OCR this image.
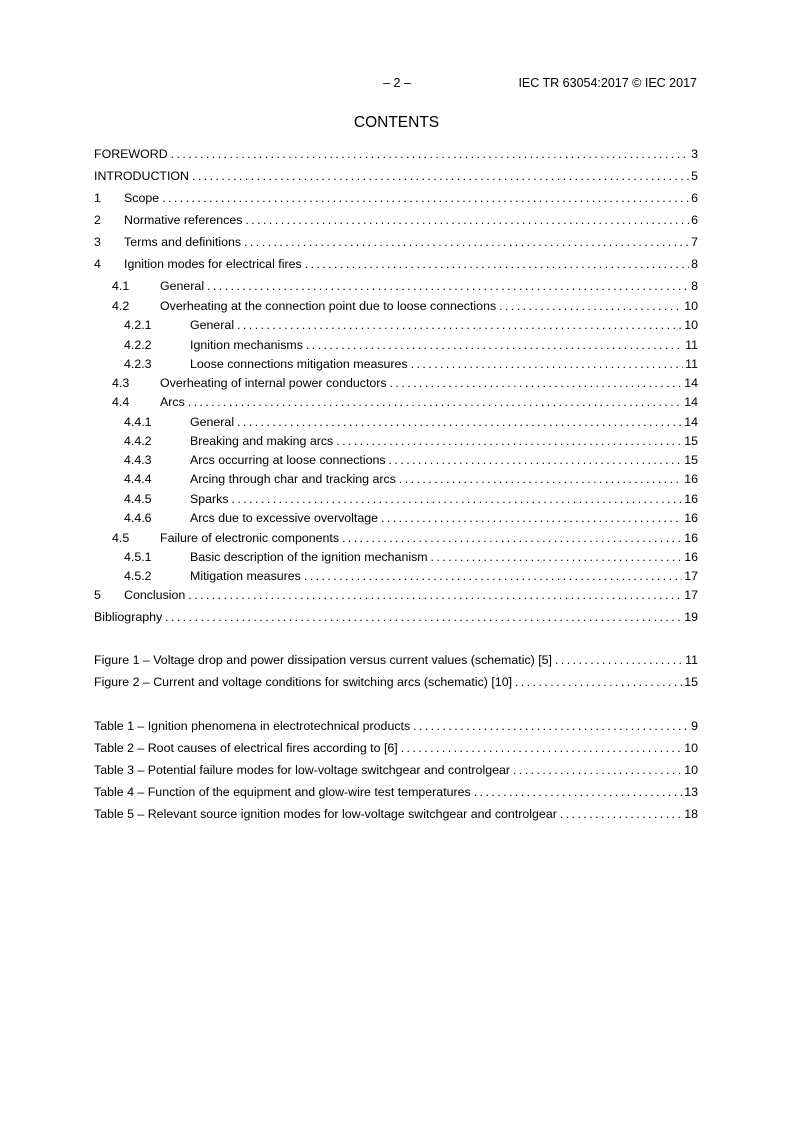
– 2 –	IEC TR 63054:2017 © IEC 2017
CONTENTS
FOREWORD . . .	3
INTRODUCTION . . .	5
1 Scope . . .	6
2 Normative references . . .	6
3 Terms and definitions . . .	7
4 Ignition modes for electrical fires . . .	8
4.1 General . . .	8
4.2 Overheating at the connection point due to loose connections . . .	10
4.2.1	General . . .	10
4.2.2	Ignition mechanisms . . .	11
4.2.3	Loose connections mitigation measures . . .	11
4.3 Overheating of internal power conductors . . .	14
4.4 Arcs . . .	14
4.4.1	General . . .	14
4.4.2	Breaking and making arcs . . .	15
4.4.3	Arcs occurring at loose connections . . .	15
4.4.4	Arcing through char and tracking arcs . . .	16
4.4.5	Sparks . . .	16
4.4.6	Arcs due to excessive overvoltage . . .	16
4.5 Failure of electronic components . . .	16
4.5.1	Basic description of the ignition mechanism . . .	16
4.5.2	Mitigation measures . . .	17
5 Conclusion . . .	17
Bibliography . . .	19
Figure 1 – Voltage drop and power dissipation versus current values (schematic) [5] . . .	11
Figure 2 – Current and voltage conditions for switching arcs (schematic) [10] . . .	15
Table 1 – Ignition phenomena in electrotechnical products . . .	9
Table 2 – Root causes of electrical fires according to [6] . . .	10
Table 3 – Potential failure modes for low-voltage switchgear and controlgear . . .	10
Table 4 – Function of the equipment and glow-wire test temperatures . . .	13
Table 5 – Relevant source ignition modes for low-voltage switchgear and controlgear . . .	18
